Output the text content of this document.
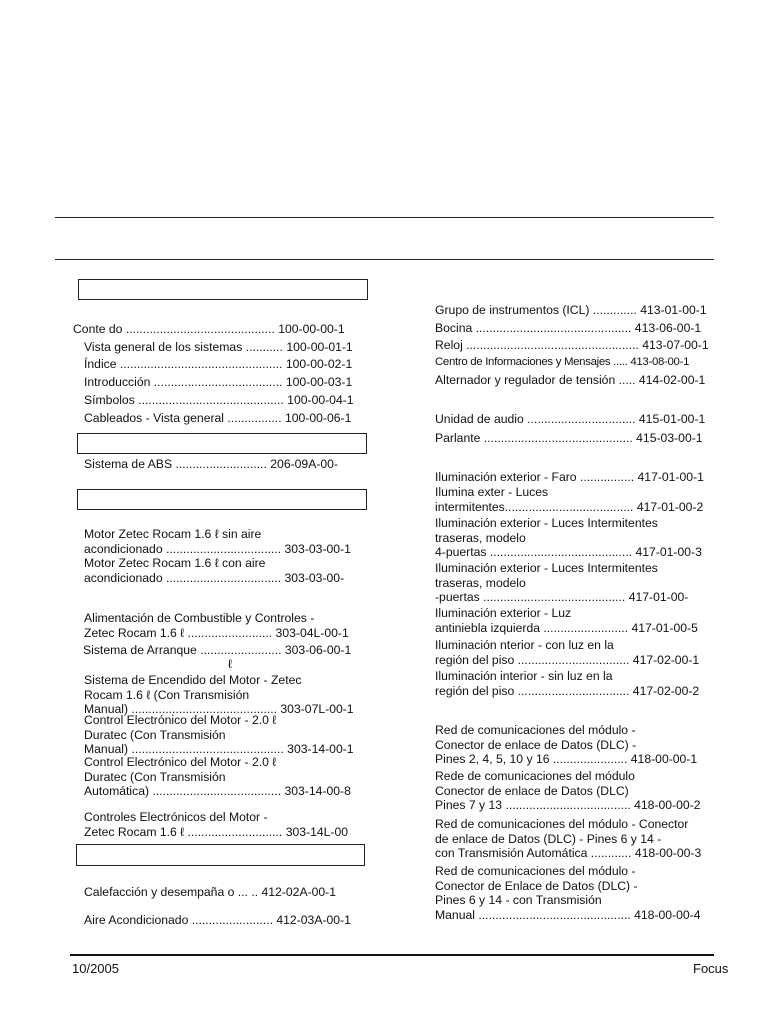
Conte do ............................................ 100-00-00-1
Vista general de los sistemas ........... 100-00-01-1
Índice ................................................ 100-00-02-1
Introducción ...................................... 100-00-03-1
Símbolos ........................................... 100-00-04-1
Cableados - Vista general ................ 100-00-06-1
Sistema de ABS ........................... 206-09A-00-
Motor Zetec Rocam 1.6 ℓ sin aire
acondicionado .................................. 303-03-00-1
Motor Zetec Rocam 1.6 ℓ con aire
acondicionado .................................. 303-03-00-
Alimentación de Combustible y Controles -
Zetec Rocam 1.6 ℓ ......................... 303-04L-00-1
Sistema de Arranque ........................ 303-06-00-1
ℓ
Sistema de Encendido del Motor - Zetec
Rocam 1.6 ℓ (Con Transmisión
Manual) ........................................... 303-07L-00-1
Control Electrónico del Motor - 2.0 ℓ
Duratec (Con Transmisión
Manual) ............................................. 303-14-00-1
Control Electrónico del Motor - 2.0 ℓ
Duratec (Con Transmisión
Automática) ...................................... 303-14-00-8
Controles Electrónicos del Motor -
Zetec Rocam 1.6 ℓ ............................ 303-14L-00
Calefacción y desempaña o ... .. 412-02A-00-1
Aire Acondicionado ........................ 412-03A-00-1
Grupo de instrumentos (ICL) ............. 413-01-00-1
Bocina .............................................. 413-06-00-1
Reloj ................................................... 413-07-00-1
Centro de Informaciones y Mensajes ..... 413-08-00-1
Alternador y regulador de tensión ..... 414-02-00-1
Unidad de audio ................................ 415-01-00-1
Parlante ............................................ 415-03-00-1
Iluminación exterior - Faro ................ 417-01-00-1
Ilumina exter - Luces
intermitentes...................................... 417-01-00-2
Iluminación exterior - Luces Intermitentes
traseras, modelo
4-puertas .......................................... 417-01-00-3
Iluminación exterior - Luces Intermitentes
traseras, modelo
-puertas .......................................... 417-01-00-
Iluminación exterior - Luz
antiniebla izquierda ......................... 417-01-00-5
Iluminación nterior - con luz en la
región del piso ................................. 417-02-00-1
Iluminación interior - sin luz en la
región del piso ................................. 417-02-00-2
Red de comunicaciones del módulo -
Conector de enlace de Datos (DLC) -
Pines 2, 4, 5, 10 y 16 ...................... 418-00-00-1
Rede de comunicaciones del módulo
Conector de enlace de Datos (DLC)
Pines 7 y 13 ..................................... 418-00-00-2
Red de comunicaciones del módulo - Conector
de enlace de Datos (DLC) - Pines 6 y 14 -
con Transmisión Automática ............ 418-00-00-3
Red de comunicaciones del módulo -
Conector de Enlace de Datos (DLC) -
Pines 6 y 14 - con Transmisión
Manual ............................................. 418-00-00-4
10/2005	Focus
